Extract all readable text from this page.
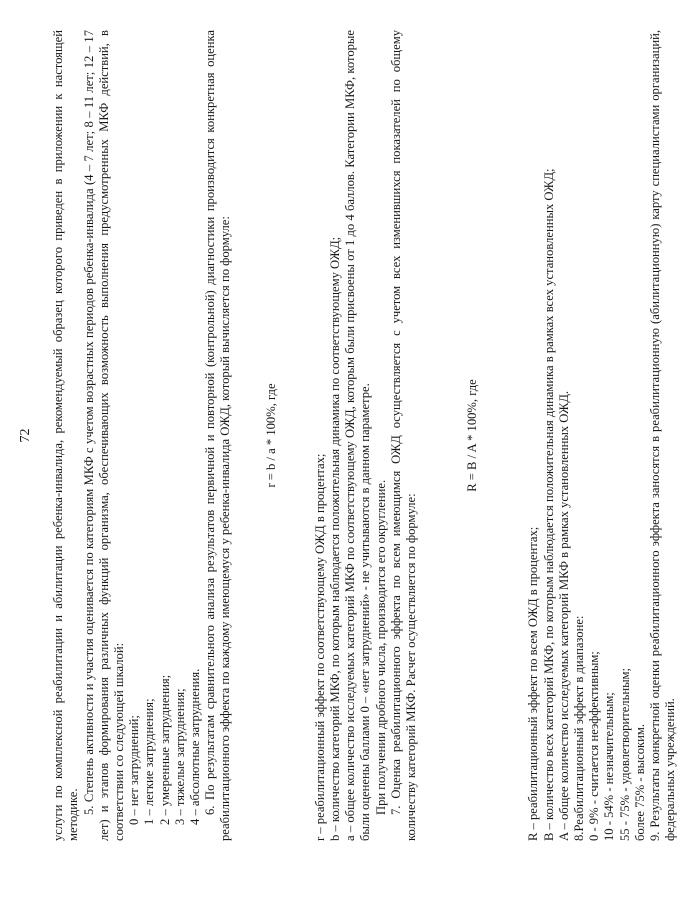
72 услуги по комплексной реабилитации и абилитации ребенка-инвалида, рекомендуемый образец которого приведен в приложении к настоящей методике. 5. Степень активности и участия оценивается по категориям МКФ с учетом возрастных периодов ребенка-инвалида (4 – 7 лет; 8 – 11 лет; 12 – 17 лет) и этапов формирования различных функций организма, обеспечивающих возможность выполнения предусмотренных МКФ действий, в соответствии со следующей шкалой: 0 – нет затруднений; 1 – легкие затруднения; 2 – умеренные затруднения; 3 – тяжелые затруднения; 4 – абсолютные затруднения. 6. По результатам сравнительного анализа результатов первичной и повторной (контрольной) диагностики производится конкретная оценка реабилитационного эффекта по каждому имеющемуся у ребенка-инвалида ОЖД, который вычисляется по формуле: r = b / a * 100%, где

r – реабилитационный эффект по соответствующему ОЖД в процентах; b – количество категорий МКФ, по которым наблюдается положительная динамика по соответствующему ОЖД; a – общее количество исследуемых категорий МКФ по соответствующему ОЖД, которым были присвоены от 1 до 4 баллов. Категории МКФ, которые были оценены баллами 0 – «нет затруднений» - не учитываются в данном параметре. При получении дробного числа, производится его округление. 7. Оценка реабилитационного эффекта по всем имеющимся ОЖД осуществляется с учетом всех изменившихся показателей по общему количеству категорий МКФ. Расчет осуществляется по формуле:

R = B / A * 100%, где
R – реабилитационный эффект по всем ОЖД в процентах; B – количество всех категорий МКФ, по которым наблюдается положительная динамика в рамках всех установленных ОЖД; A – общее количество исследуемых категорий МКФ в рамках установленных ОЖД. 8.Реабилитационный эффект в диапазоне: 0 - 9% - считается неэффективным; 10 - 54% - незначительным; 55 - 75% - удовлетворительным; более 75% - высоким. 9. Результаты конкретной оценки реабилитационного эффекта заносятся в реабилитационную (абилитационную) карту специалистами организаций, федеральных учреждений.
